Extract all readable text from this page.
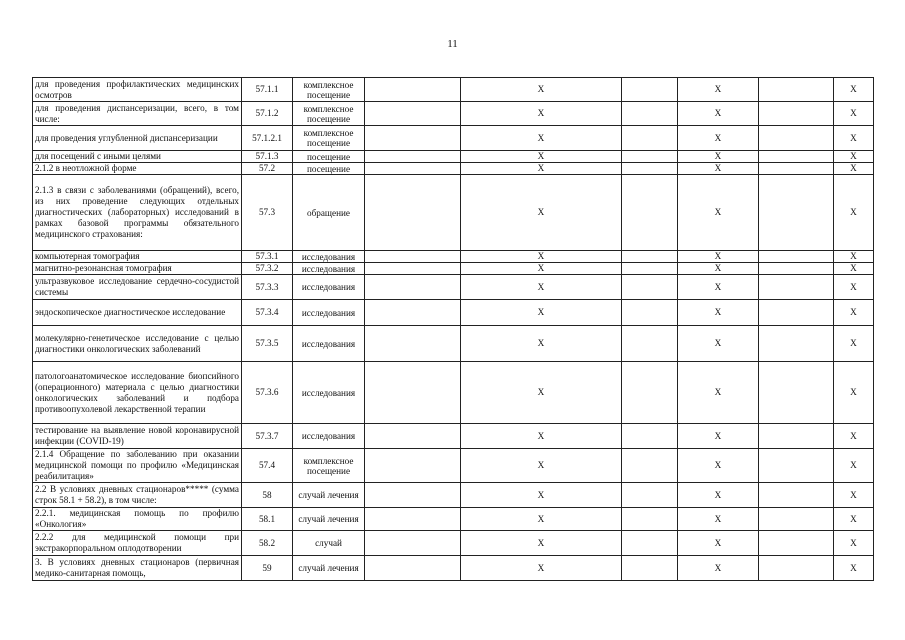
11
для проведения профилактических медицинских осмотров	57.1.1	комплексное посещение		X		X		X
для проведения диспансеризации, всего, в том числе:	57.1.2	комплексное посещение		X		X		X
для проведения углубленной диспансеризации	57.1.2.1	комплексное посещение		X		X		X
для посещений с иными целями	57.1.3	посещение		X		X		X
2.1.2 в неотложной форме	57.2	посещение		X		X		X
2.1.3 в связи с заболеваниями (обращений), всего, из них проведение следующих отдельных диагностических (лабораторных) исследований в рамках базовой программы обязательного медицинского страхования:	57.3	обращение		X		X		X
компьютерная томография	57.3.1	исследования		X		X		X
магнитно-резонансная томография	57.3.2	исследования		X		X		X
ультразвуковое исследование сердечно-сосудистой системы	57.3.3	исследования		X		X		X
эндоскопическое диагностическое исследование	57.3.4	исследования		X		X		X
молекулярно-генетическое исследование с целью диагностики онкологических заболеваний	57.3.5	исследования		X		X		X
патологоанатомическое исследование биопсийного (операционного) материала с целью диагностики онкологических заболеваний и подбора противоопухолевой лекарственной терапии	57.3.6	исследования		X		X		X
тестирование на выявление новой коронавирусной инфекции (COVID-19)	57.3.7	исследования		X		X		X
2.1.4 Обращение по заболеванию при оказании медицинской помощи по профилю «Медицинская реабилитация»	57.4	комплексное посещение		X		X		X
2.2 В условиях дневных стационаров***** (сумма строк 58.1 + 58.2), в том числе:	58	случай лечения		X		X		X
2.2.1. медицинская помощь по профилю «Онкология»	58.1	случай лечения		X		X		X
2.2.2 для медицинской помощи при экстракорпоральном оплодотворении	58.2	случай		X		X		X
3. В условиях дневных стационаров (первичная медико-санитарная помощь,	59	случай лечения		X		X		X
